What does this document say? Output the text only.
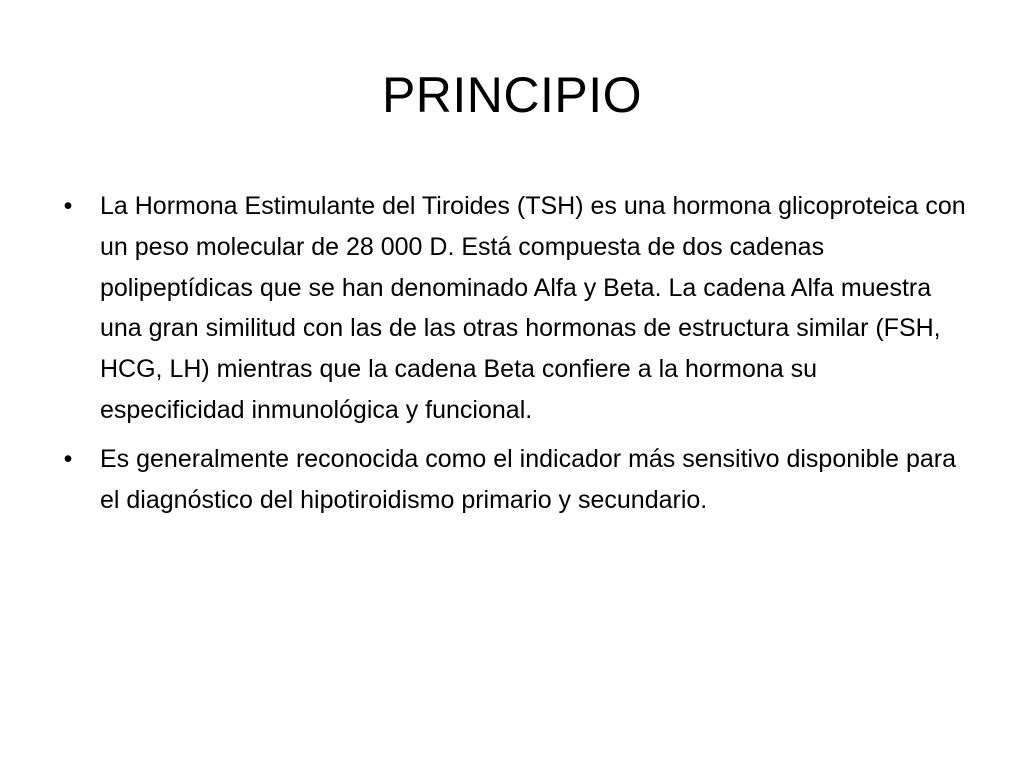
PRINCIPIO
• La Hormona Estimulante del Tiroides (TSH) es una hormona glicoproteica con un peso molecular de 28 000 D. Está compuesta de dos cadenas polipeptídicas que se han denominado Alfa y Beta. La cadena Alfa muestra una gran similitud con las de las otras hormonas de estructura similar (FSH, HCG, LH) mientras que la cadena Beta confiere a la hormona su especificidad inmunológica y funcional.
• Es generalmente reconocida como el indicador más sensitivo disponible para el diagnóstico del hipotiroidismo primario y secundario.
